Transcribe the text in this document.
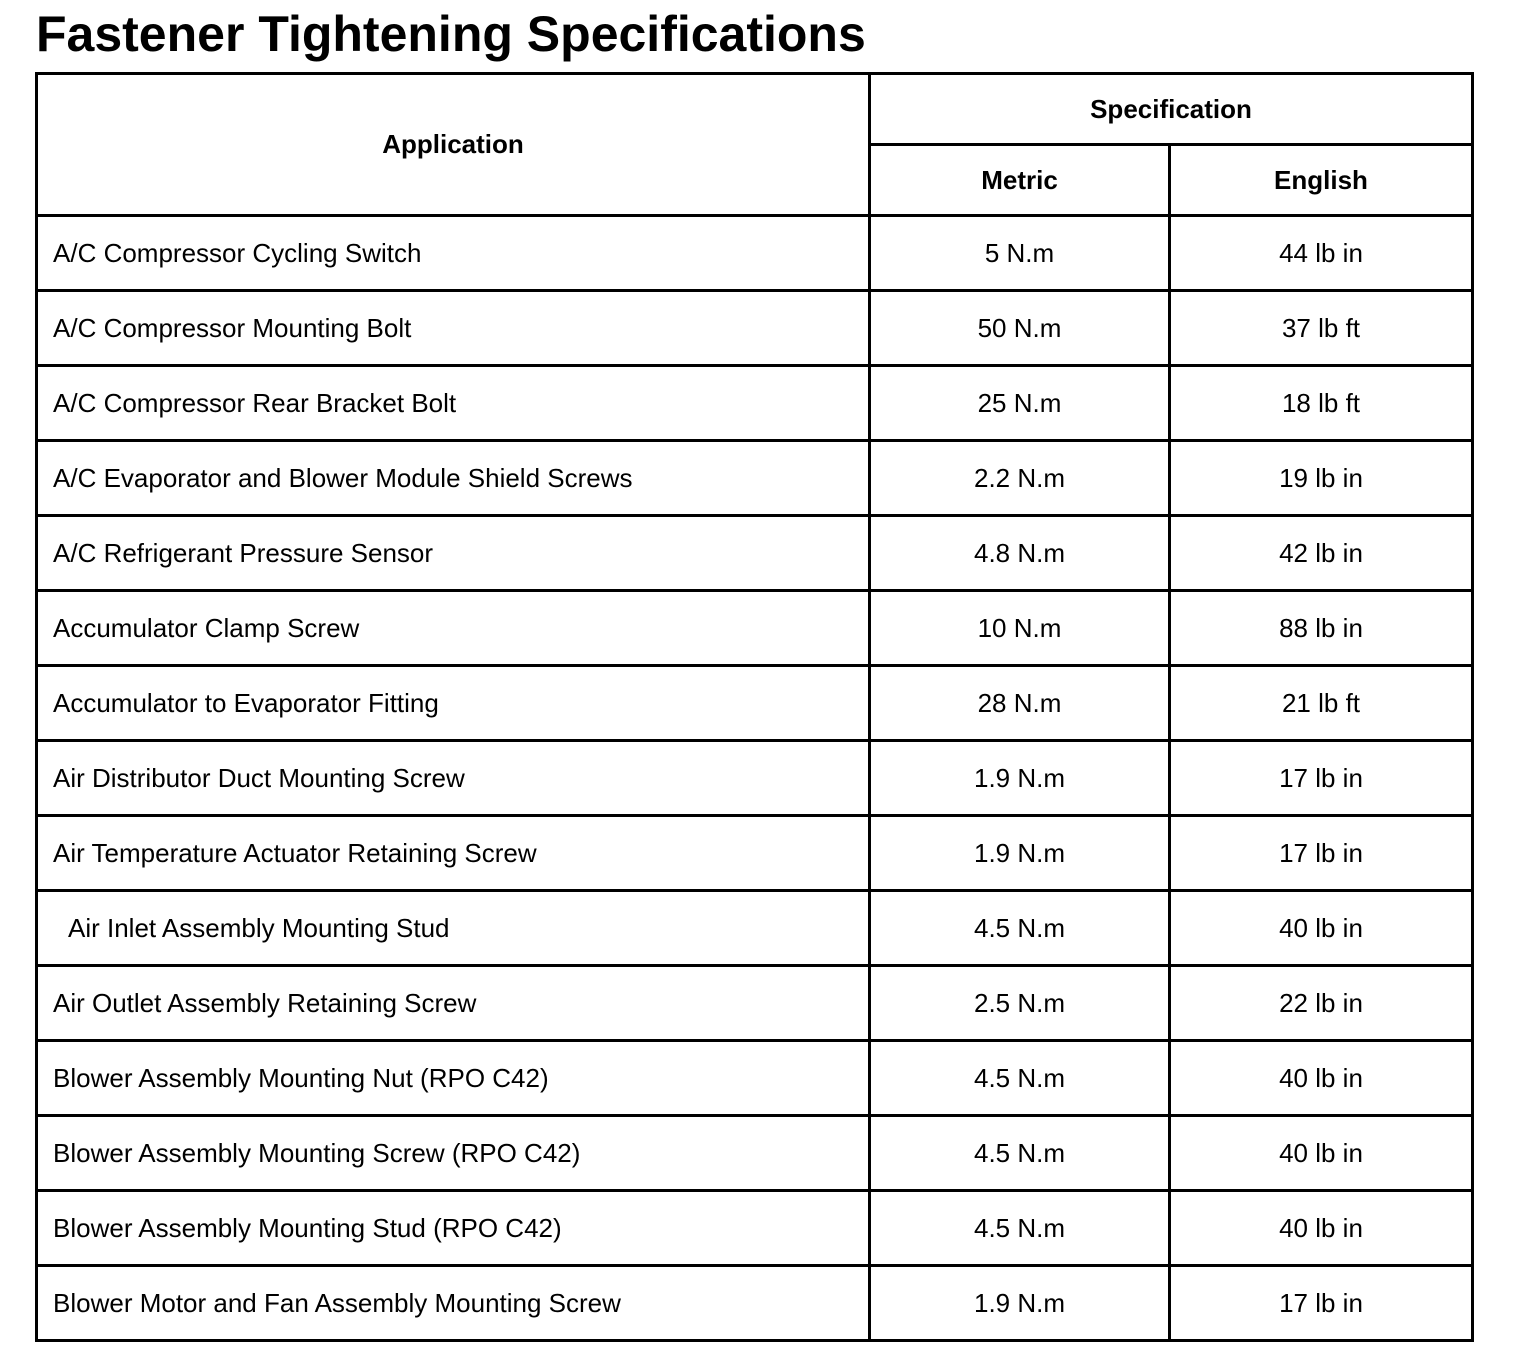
Fastener Tightening Specifications
Application	Specification	
	Metric	English
A/C Compressor Cycling Switch	5 N.m	44 lb in
A/C Compressor Mounting Bolt	50 N.m	37 lb ft
A/C Compressor Rear Bracket Bolt	25 N.m	18 lb ft
A/C Evaporator and Blower Module Shield Screws	2.2 N.m	19 lb in
A/C Refrigerant Pressure Sensor	4.8 N.m	42 lb in
Accumulator Clamp Screw	10 N.m	88 lb in
Accumulator to Evaporator Fitting	28 N.m	21 lb ft
Air Distributor Duct Mounting Screw	1.9 N.m	17 lb in
Air Temperature Actuator Retaining Screw	1.9 N.m	17 lb in
Air Inlet Assembly Mounting Stud	4.5 N.m	40 lb in
Air Outlet Assembly Retaining Screw	2.5 N.m	22 lb in
Blower Assembly Mounting Nut (RPO C42)	4.5 N.m	40 lb in
Blower Assembly Mounting Screw (RPO C42)	4.5 N.m	40 lb in
Blower Assembly Mounting Stud (RPO C42)	4.5 N.m	40 lb in
Blower Motor and Fan Assembly Mounting Screw	1.9 N.m	17 lb in
